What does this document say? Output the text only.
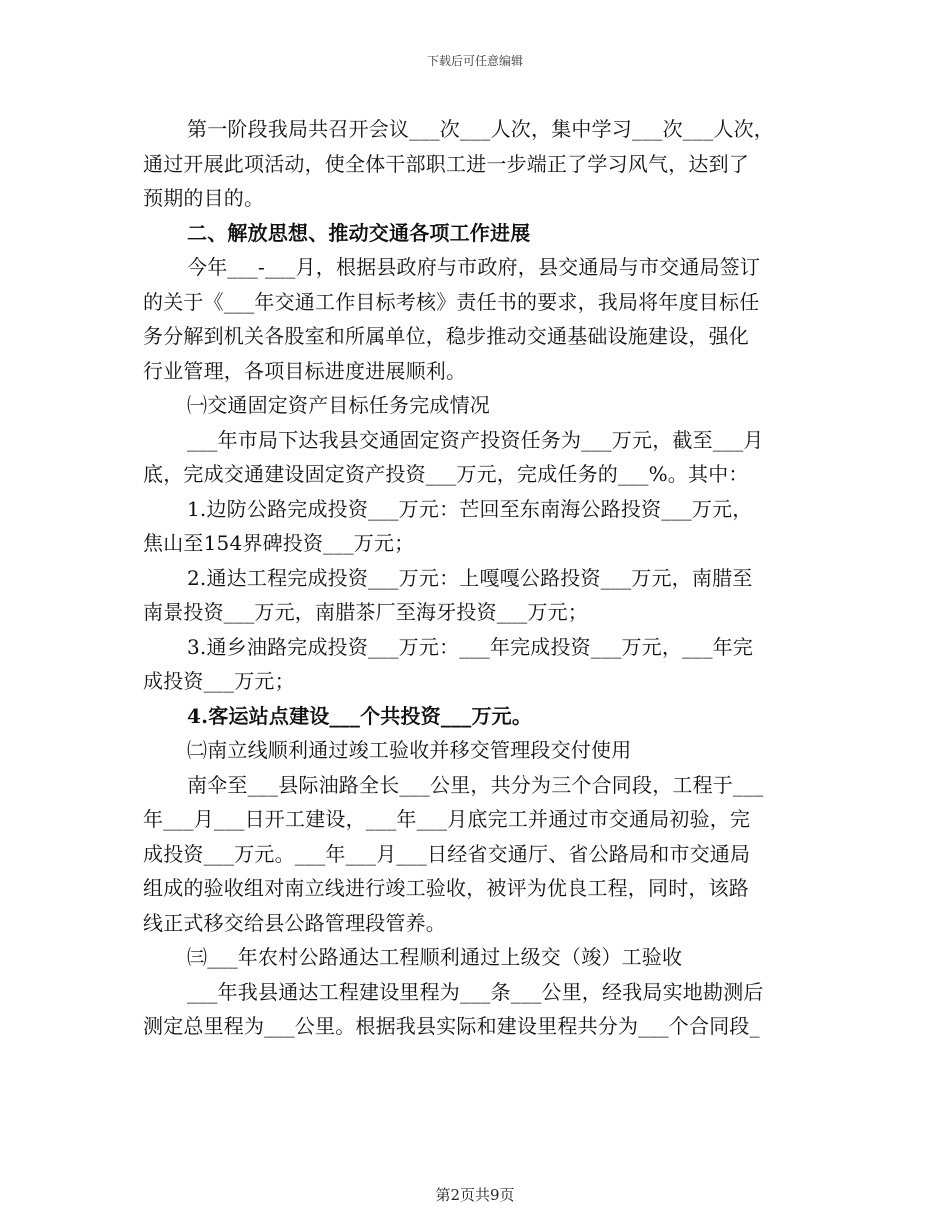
下载后可任意编辑

第一阶段我局共召开会议___次___人次，集中学习___次___人次，

通过开展此项活动，使全体干部职工进一步端正了学习风气，达到了

预期的目的。

二、解放思想、推动交通各项工作进展

今年___-___月，根据县政府与市政府，县交通局与市交通局签订

的关于《___年交通工作目标考核》责任书的要求，我局将年度目标任

务分解到机关各股室和所属单位，稳步推动交通基础设施建设，强化

行业管理，各项目标进度进展顺利。

㈠交通固定资产目标任务完成情况

___年市局下达我县交通固定资产投资任务为___万元，截至___月

底，完成交通建设固定资产投资___万元，完成任务的___%。其中：

1.边防公路完成投资___万元：芒回至东南海公路投资___万元，

焦山至154界碑投资___万元；

2.通达工程完成投资___万元：上嘎嘎公路投资___万元，南腊至

南景投资___万元，南腊茶厂至海牙投资___万元；

3.通乡油路完成投资___万元：___年完成投资___万元，___年完

成投资___万元；

4.客运站点建设___个共投资___万元。

㈡南立线顺利通过竣工验收并移交管理段交付使用

南伞至___县际油路全长___公里，共分为三个合同段，工程于___

年___月___日开工建设，___年___月底完工并通过市交通局初验，完

成投资___万元。___年___月___日经省交通厅、省公路局和市交通局

组成的验收组对南立线进行竣工验收，被评为优良工程，同时，该路

线正式移交给县公路管理段管养。

㈢___年农村公路通达工程顺利通过上级交（竣）工验收

___年我县通达工程建设里程为___条___公里，经我局实地勘测后

测定总里程为___公里。根据我县实际和建设里程共分为___个合同段_

第2页共9页
